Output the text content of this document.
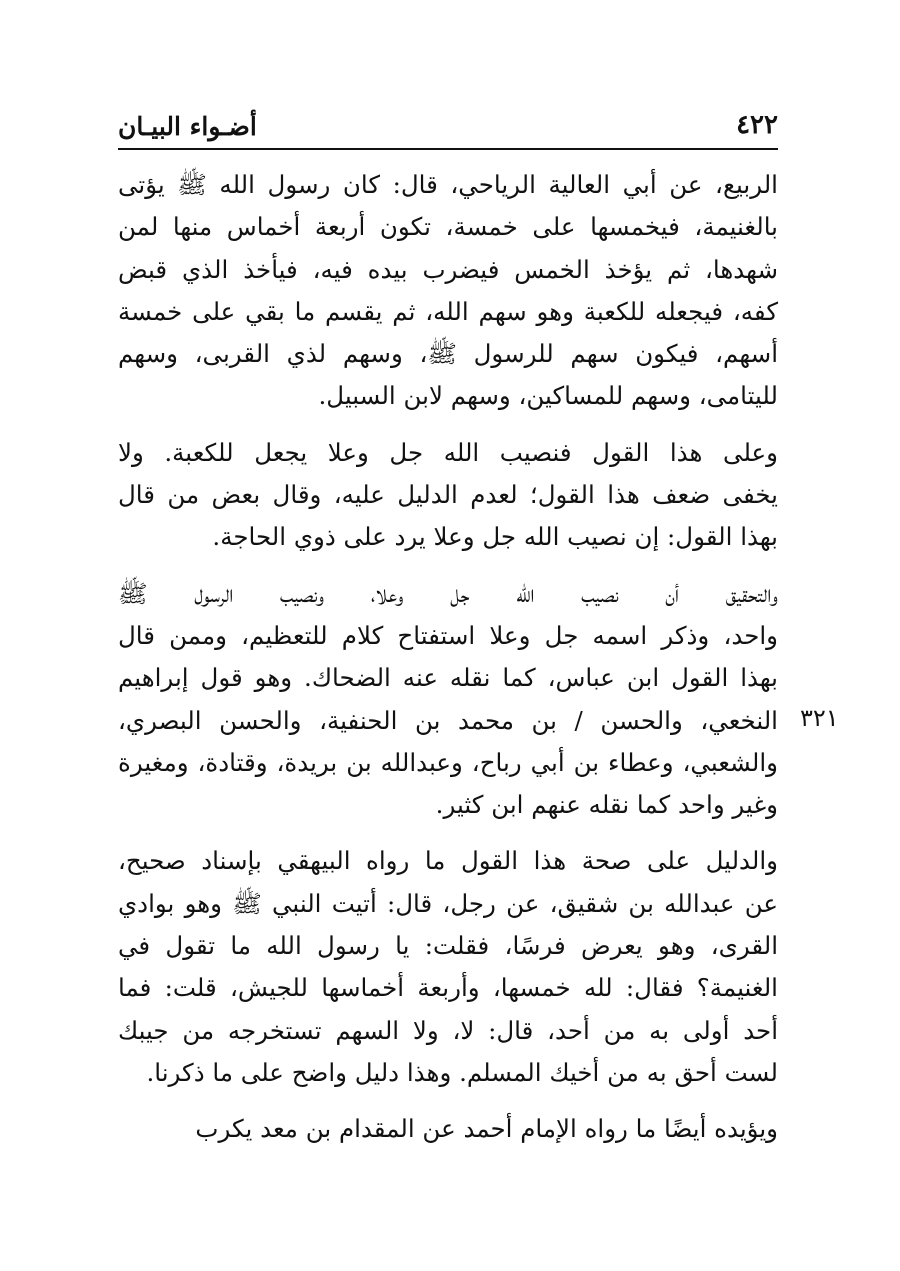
أضـواء البيـان	٤٢٢
٣٢١
الربيع، عن أبي العالية الرياحي، قال: كان رسول الله ﷺ يؤتى
بالغنيمة، فيخمسها على خمسة، تكون أربعة أخماس منها لمن
شهدها، ثم يؤخذ الخمس فيضرب بيده فيه، فيأخذ الذي قبض
كفه، فيجعله للكعبة وهو سهم الله، ثم يقسم ما بقي على خمسة
أسهم، فيكون سهم للرسول ﷺ، وسهم لذي القربى، وسهم
لليتامى، وسهم للمساكين، وسهم لابن السبيل.
وعلى هذا القول فنصيب الله جل وعلا يجعل للكعبة. ولا
يخفى ضعف هذا القول؛ لعدم الدليل عليه، وقال بعض من قال
بهذا القول: إن نصيب الله جل وعلا يرد على ذوي الحاجة.
والتحقيق أن نصيب الله جل وعلا، ونصيب الرسول ﷺ
واحد، وذكر اسمه جل وعلا استفتاح كلام للتعظيم، وممن قال
بهذا القول ابن عباس، كما نقله عنه الضحاك. وهو قول إبراهيم
النخعي، والحسن / بن محمد بن الحنفية، والحسن البصري،
والشعبي، وعطاء بن أبي رباح، وعبدالله بن بريدة، وقتادة، ومغيرة
وغير واحد كما نقله عنهم ابن كثير.
والدليل على صحة هذا القول ما رواه البيهقي بإسناد صحيح،
عن عبدالله بن شقيق، عن رجل، قال: أتيت النبي ﷺ وهو بوادي
القرى، وهو يعرض فرسًا، فقلت: يا رسول الله ما تقول في
الغنيمة؟ فقال: لله خمسها، وأربعة أخماسها للجيش، قلت: فما
أحد أولى به من أحد، قال: لا، ولا السهم تستخرجه من جيبك
لست أحق به من أخيك المسلم. وهذا دليل واضح على ما ذكرنا.
ويؤيده أيضًا ما رواه الإمام أحمد عن المقدام بن معد يكرب
